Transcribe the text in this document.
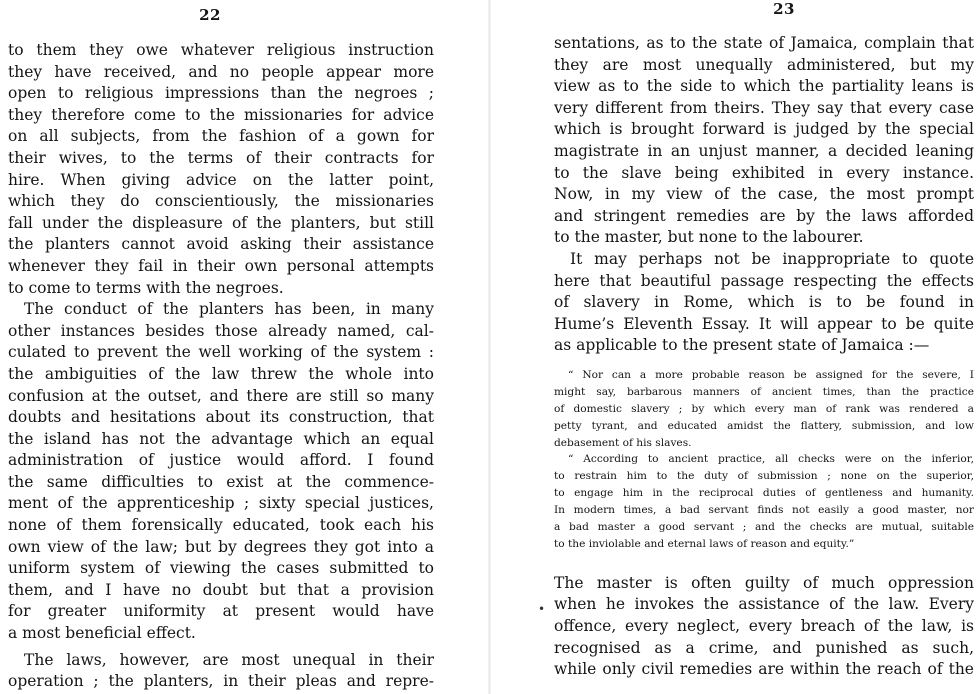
22
to them they owe whatever religious instruction
they have received, and no people appear more
open to religious impressions than the negroes ;
they therefore come to the missionaries for advice
on all subjects, from the fashion of a gown for
their wives, to the terms of their contracts for
hire. When giving advice on the latter point,
which they do conscientiously, the missionaries
fall under the displeasure of the planters, but still
the planters cannot avoid asking their assistance
whenever they fail in their own personal attempts
to come to terms with the negroes.
The conduct of the planters has been, in many
other instances besides those already named, cal-
culated to prevent the well working of the system :
the ambiguities of the law threw the whole into
confusion at the outset, and there are still so many
doubts and hesitations about its construction, that
the island has not the advantage which an equal
administration of justice would afford. I found
the same difficulties to exist at the commence-
ment of the apprenticeship ; sixty special justices,
none of them forensically educated, took each his
own view of the law; but by degrees they got into a
uniform system of viewing the cases submitted to
them, and I have no doubt but that a provision
for greater uniformity at present would have
a most beneficial effect.
The laws, however, are most unequal in their
operation ; the planters, in their pleas and repre-
•
23
sentations, as to the state of Jamaica, complain that
they are most unequally administered, but my
view as to the side to which the partiality leans is
very different from theirs. They say that every case
which is brought forward is judged by the special
magistrate in an unjust manner, a decided leaning
to the slave being exhibited in every instance.
Now, in my view of the case, the most prompt
and stringent remedies are by the laws afforded
to the master, but none to the labourer.
It may perhaps not be inappropriate to quote
here that beautiful passage respecting the effects
of slavery in Rome, which is to be found in
Hume’s Eleventh Essay. It will appear to be quite
as applicable to the present state of Jamaica :—
“ Nor can a more probable reason be assigned for the severe, I
might say, barbarous manners of ancient times, than the practice
of domestic slavery ; by which every man of rank was rendered a
petty tyrant, and educated amidst the flattery, submission, and low
debasement of his slaves.
“ According to ancient practice, all checks were on the inferior,
to restrain him to the duty of submission ; none on the superior,
to engage him in the reciprocal duties of gentleness and humanity.
In modern times, a bad servant finds not easily a good master, nor
a bad master a good servant ; and the checks are mutual, suitable
to the inviolable and eternal laws of reason and equity.”
The master is often guilty of much oppression
when he invokes the assistance of the law. Every
offence, every neglect, every breach of the law, is
recognised as a crime, and punished as such,
while only civil remedies are within the reach of the
